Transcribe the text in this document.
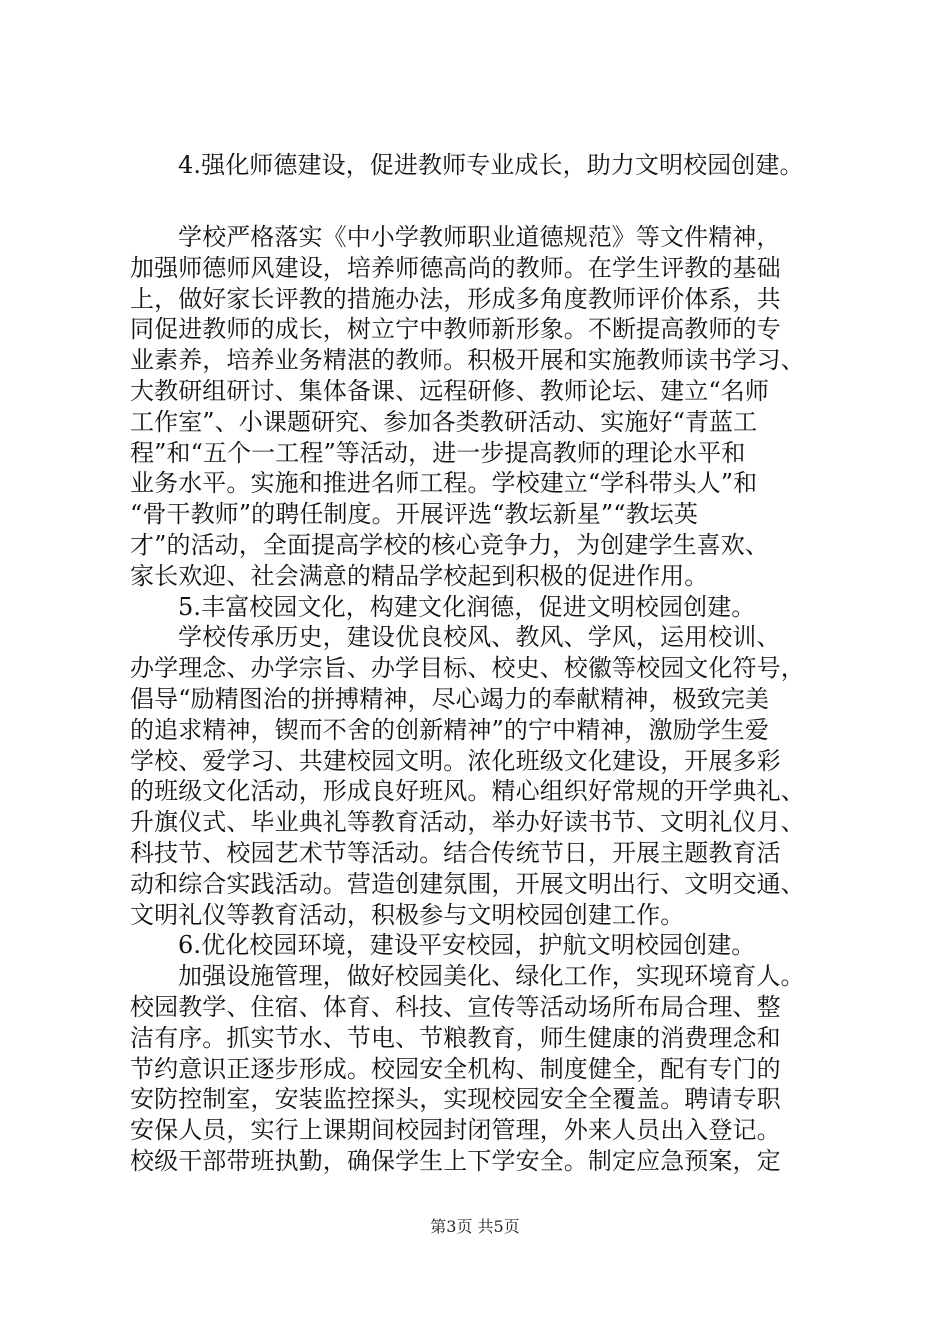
4.强化师德建设，促进教师专业成长，助力文明校园创建。
学校严格落实《中小学教师职业道德规范》等文件精神，
加强师德师风建设，培养师德高尚的教师。在学生评教的基础
上，做好家长评教的措施办法，形成多角度教师评价体系，共
同促进教师的成长，树立宁中教师新形象。不断提高教师的专
业素养，培养业务精湛的教师。积极开展和实施教师读书学习、
大教研组研讨、集体备课、远程研修、教师论坛、建立“名师
工作室”、小课题研究、参加各类教研活动、实施好“青蓝工
程”和“五个一工程”等活动，进一步提高教师的理论水平和
业务水平。实施和推进名师工程。学校建立“学科带头人”和
“骨干教师”的聘任制度。开展评选“教坛新星”“教坛英
才”的活动，全面提高学校的核心竞争力，为创建学生喜欢、
家长欢迎、社会满意的精品学校起到积极的促进作用。
5.丰富校园文化，构建文化润德，促进文明校园创建。
学校传承历史，建设优良校风、教风、学风，运用校训、
办学理念、办学宗旨、办学目标、校史、校徽等校园文化符号，
倡导“励精图治的拼搏精神，尽心竭力的奉献精神，极致完美
的追求精神，锲而不舍的创新精神”的宁中精神，激励学生爱
学校、爱学习、共建校园文明。浓化班级文化建设，开展多彩
的班级文化活动，形成良好班风。精心组织好常规的开学典礼、
升旗仪式、毕业典礼等教育活动，举办好读书节、文明礼仪月、
科技节、校园艺术节等活动。结合传统节日，开展主题教育活
动和综合实践活动。营造创建氛围，开展文明出行、文明交通、
文明礼仪等教育活动，积极参与文明校园创建工作。
6.优化校园环境，建设平安校园，护航文明校园创建。
加强设施管理，做好校园美化、绿化工作，实现环境育人。
校园教学、住宿、体育、科技、宣传等活动场所布局合理、整
洁有序。抓实节水、节电、节粮教育，师生健康的消费理念和
节约意识正逐步形成。校园安全机构、制度健全，配有专门的
安防控制室，安装监控探头，实现校园安全全覆盖。聘请专职
安保人员，实行上课期间校园封闭管理，外来人员出入登记。
校级干部带班执勤，确保学生上下学安全。制定应急预案，定
第3页 共5页
